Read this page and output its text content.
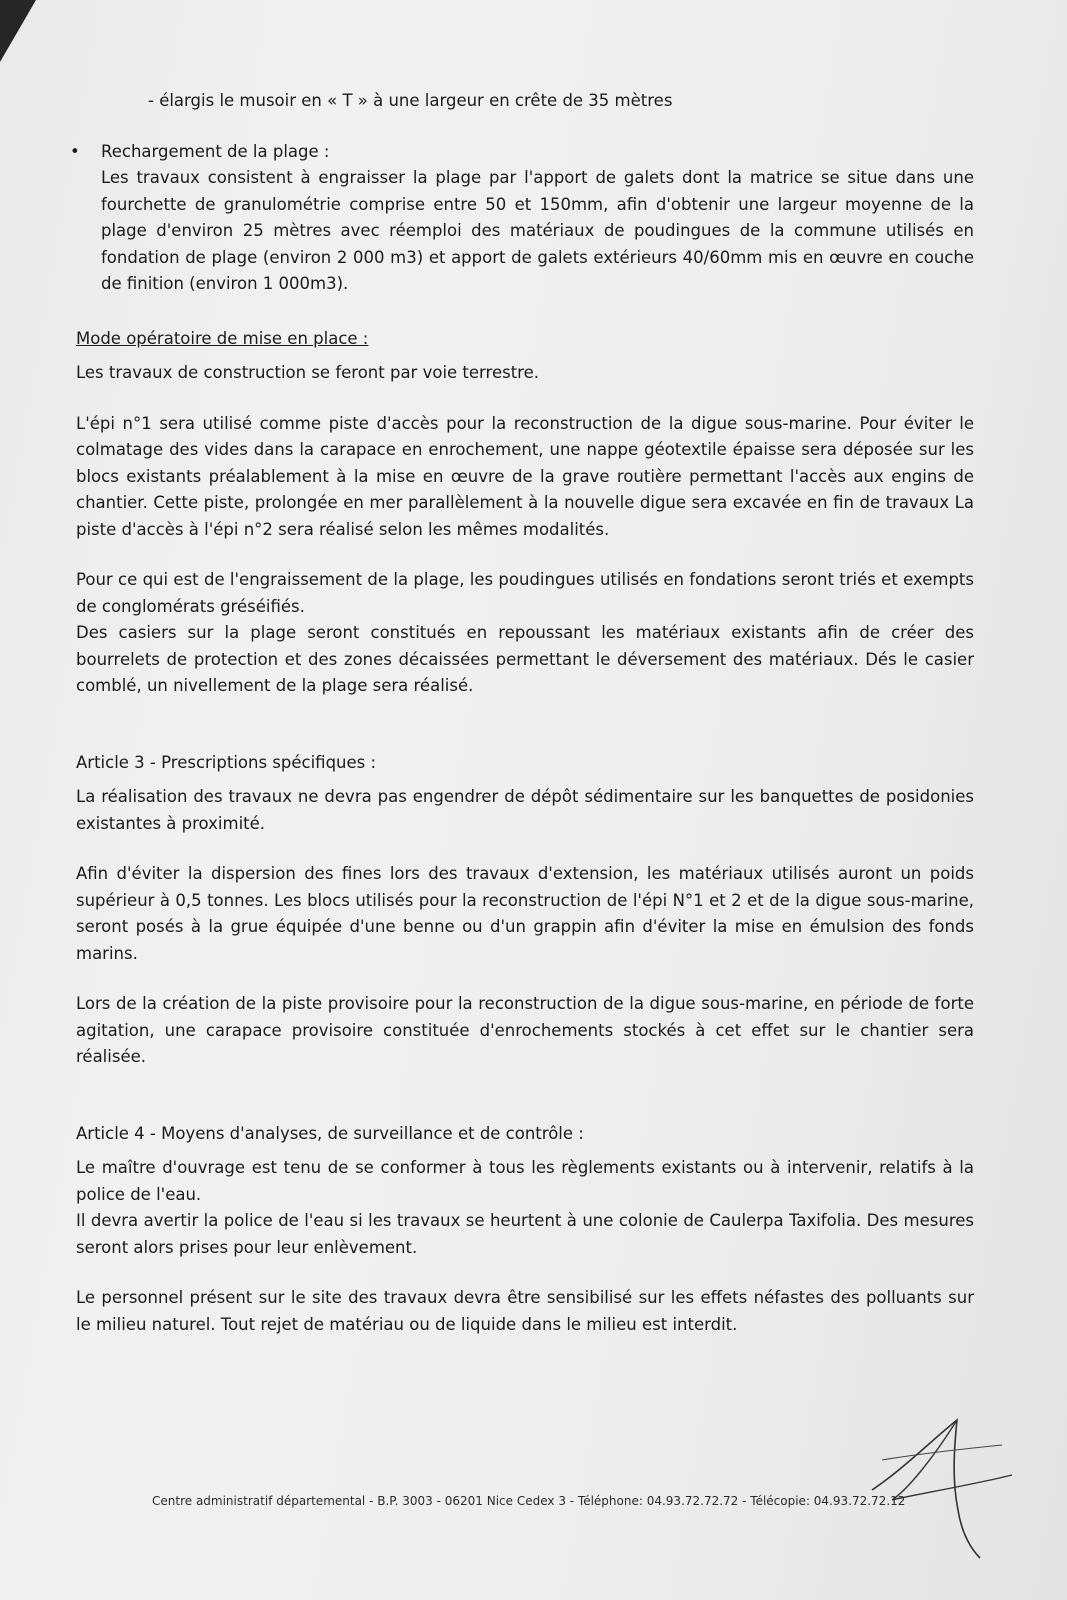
- élargis le musoir en « T » à une largeur en crête de 35 mètres

• Rechargement de la plage :

Les travaux consistent à engraisser la plage par l'apport de galets dont la matrice se situe dans une fourchette de granulométrie comprise entre 50 et 150mm, afin d'obtenir une largeur moyenne de la plage d'environ 25 mètres avec réemploi des matériaux de poudingues de la commune utilisés en fondation de plage (environ 2 000 m3) et apport de galets extérieurs 40/60mm mis en œuvre en couche de finition (environ 1 000m3).

Mode opératoire de mise en place :

Les travaux de construction se feront par voie terrestre.

L'épi n°1 sera utilisé comme piste d'accès pour la reconstruction de la digue sous-marine. Pour éviter le colmatage des vides dans la carapace en enrochement, une nappe géotextile épaisse sera déposée sur les blocs existants préalablement à la mise en œuvre de la grave routière permettant l'accès aux engins de chantier. Cette piste, prolongée en mer parallèlement à la nouvelle digue sera excavée en fin de travaux La piste d'accès à l'épi n°2 sera réalisé selon les mêmes modalités.

Pour ce qui est de l'engraissement de la plage, les poudingues utilisés en fondations seront triés et exempts de conglomérats gréséifiés.

Des casiers sur la plage seront constitués en repoussant les matériaux existants afin de créer des bourrelets de protection et des zones décaissées permettant le déversement des matériaux. Dés le casier comblé, un nivellement de la plage sera réalisé.

Article 3 - Prescriptions spécifiques :

La réalisation des travaux ne devra pas engendrer de dépôt sédimentaire sur les banquettes de posidonies existantes à proximité.

Afin d'éviter la dispersion des fines lors des travaux d'extension, les matériaux utilisés auront un poids supérieur à 0,5 tonnes. Les blocs utilisés pour la reconstruction de l'épi N°1 et 2 et de la digue sous-marine, seront posés à la grue équipée d'une benne ou d'un grappin afin d'éviter la mise en émulsion des fonds marins.

Lors de la création de la piste provisoire pour la reconstruction de la digue sous-marine, en période de forte agitation, une carapace provisoire constituée d'enrochements stockés à cet effet sur le chantier sera réalisée.

Article 4 - Moyens d'analyses, de surveillance et de contrôle :

Le maître d'ouvrage est tenu de se conformer à tous les règlements existants ou à intervenir, relatifs à la police de l'eau.

Il devra avertir la police de l'eau si les travaux se heurtent à une colonie de Caulerpa Taxifolia. Des mesures seront alors prises pour leur enlèvement.

Le personnel présent sur le site des travaux devra être sensibilisé sur les effets néfastes des polluants sur le milieu naturel. Tout rejet de matériau ou de liquide dans le milieu est interdit.

Centre administratif départemental - B.P. 3003 - 06201 Nice Cedex 3 - Téléphone: 04.93.72.72.72 - Télécopie: 04.93.72.72.12
